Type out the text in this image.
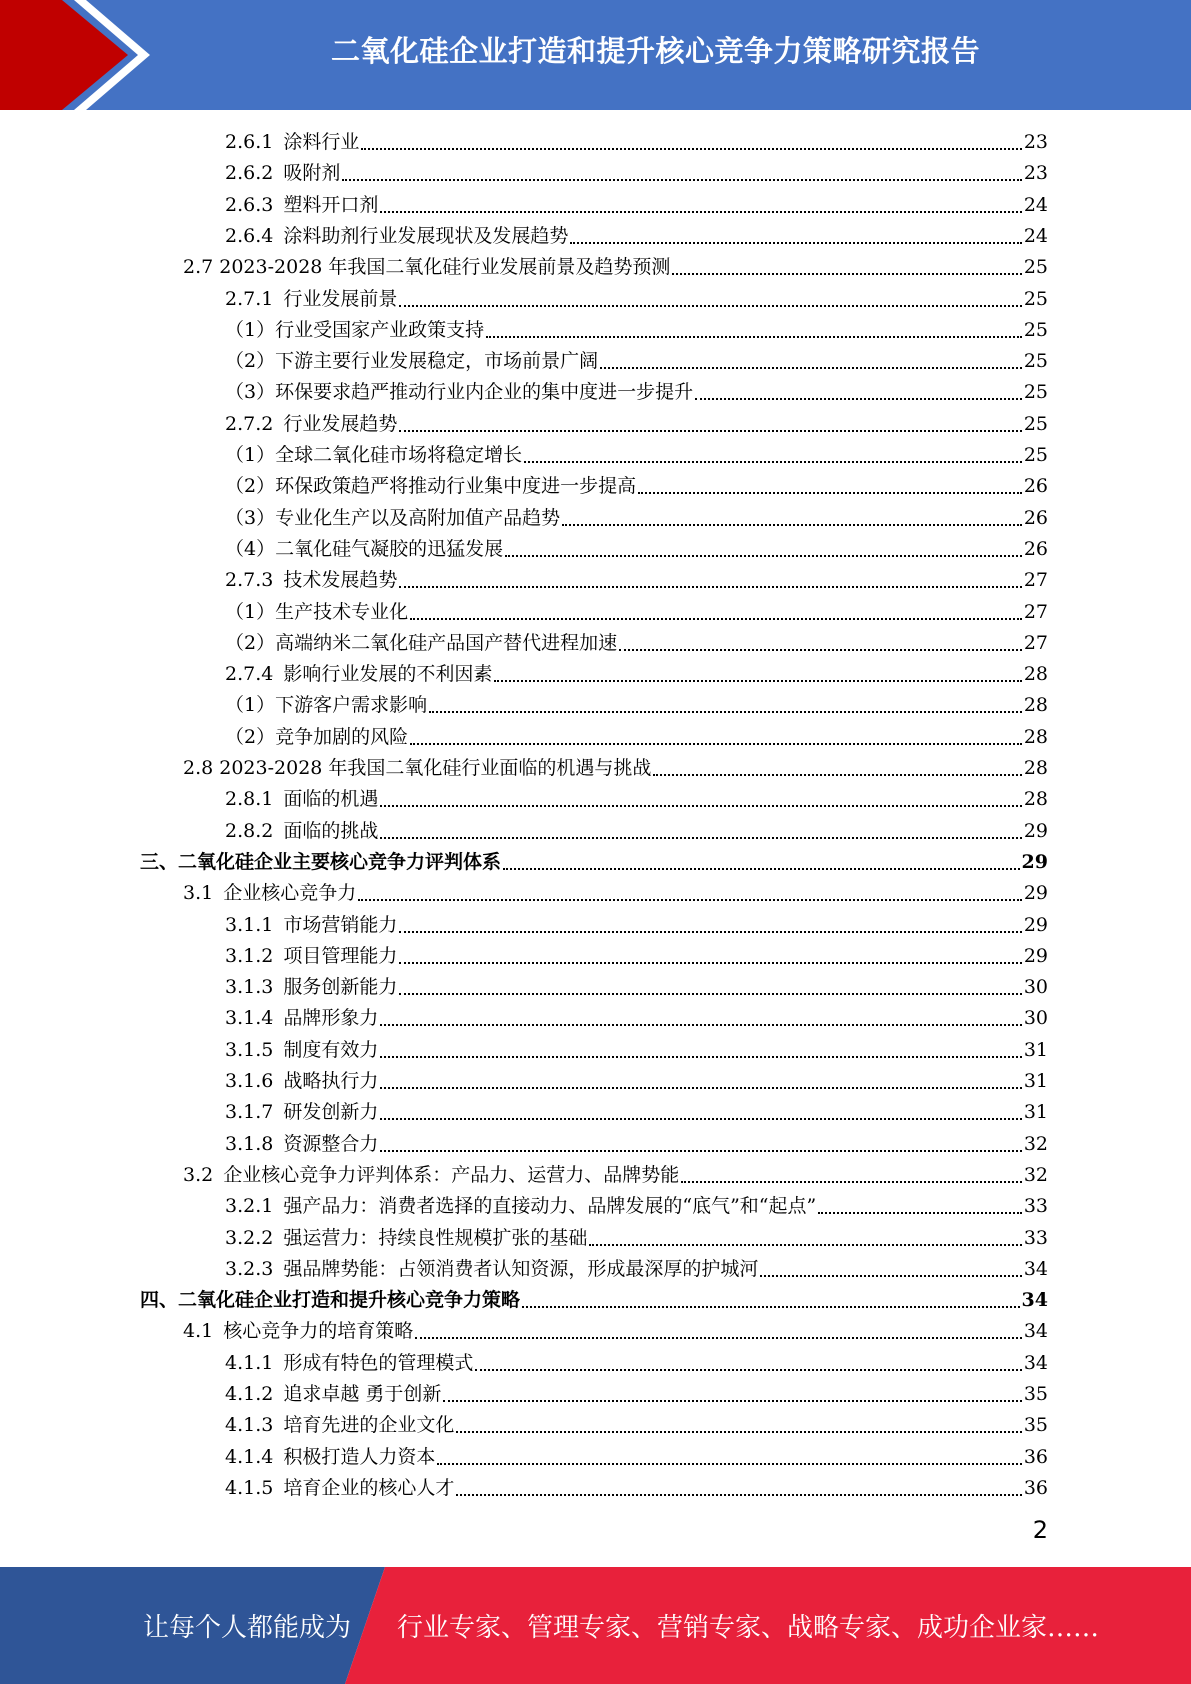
二氧化硅企业打造和提升核心竞争力策略研究报告
2.6.1 涂料行业	23
2.6.2 吸附剂	23
2.6.3 塑料开口剂	24
2.6.4 涂料助剂行业发展现状及发展趋势	24
2.7 2023-2028 年我国二氧化硅行业发展前景及趋势预测	25
2.7.1 行业发展前景	25
（1）行业受国家产业政策支持	25
（2）下游主要行业发展稳定，市场前景广阔	25
（3）环保要求趋严推动行业内企业的集中度进一步提升	25
2.7.2 行业发展趋势	25
（1）全球二氧化硅市场将稳定增长	25
（2）环保政策趋严将推动行业集中度进一步提高	26
（3）专业化生产以及高附加值产品趋势	26
（4）二氧化硅气凝胶的迅猛发展	26
2.7.3 技术发展趋势	27
（1）生产技术专业化	27
（2）高端纳米二氧化硅产品国产替代进程加速	27
2.7.4 影响行业发展的不利因素	28
（1）下游客户需求影响	28
（2）竞争加剧的风险	28
2.8 2023-2028 年我国二氧化硅行业面临的机遇与挑战	28
2.8.1 面临的机遇	28
2.8.2 面临的挑战	29
三、二氧化硅企业主要核心竞争力评判体系	29
3.1 企业核心竞争力	29
3.1.1 市场营销能力	29
3.1.2 项目管理能力	29
3.1.3 服务创新能力	30
3.1.4 品牌形象力	30
3.1.5 制度有效力	31
3.1.6 战略执行力	31
3.1.7 研发创新力	31
3.1.8 资源整合力	32
3.2 企业核心竞争力评判体系：产品力、运营力、品牌势能	32
3.2.1 强产品力：消费者选择的直接动力、品牌发展的“底气”和“起点”	33
3.2.2 强运营力：持续良性规模扩张的基础	33
3.2.3 强品牌势能：占领消费者认知资源，形成最深厚的护城河	34
四、二氧化硅企业打造和提升核心竞争力策略	34
4.1 核心竞争力的培育策略	34
4.1.1 形成有特色的管理模式	34
4.1.2 追求卓越 勇于创新	35
4.1.3 培育先进的企业文化	35
4.1.4 积极打造人力资本	36
4.1.5 培育企业的核心人才	36
2
让每个人都能成为 行业专家、管理专家、营销专家、战略专家、成功企业家……
